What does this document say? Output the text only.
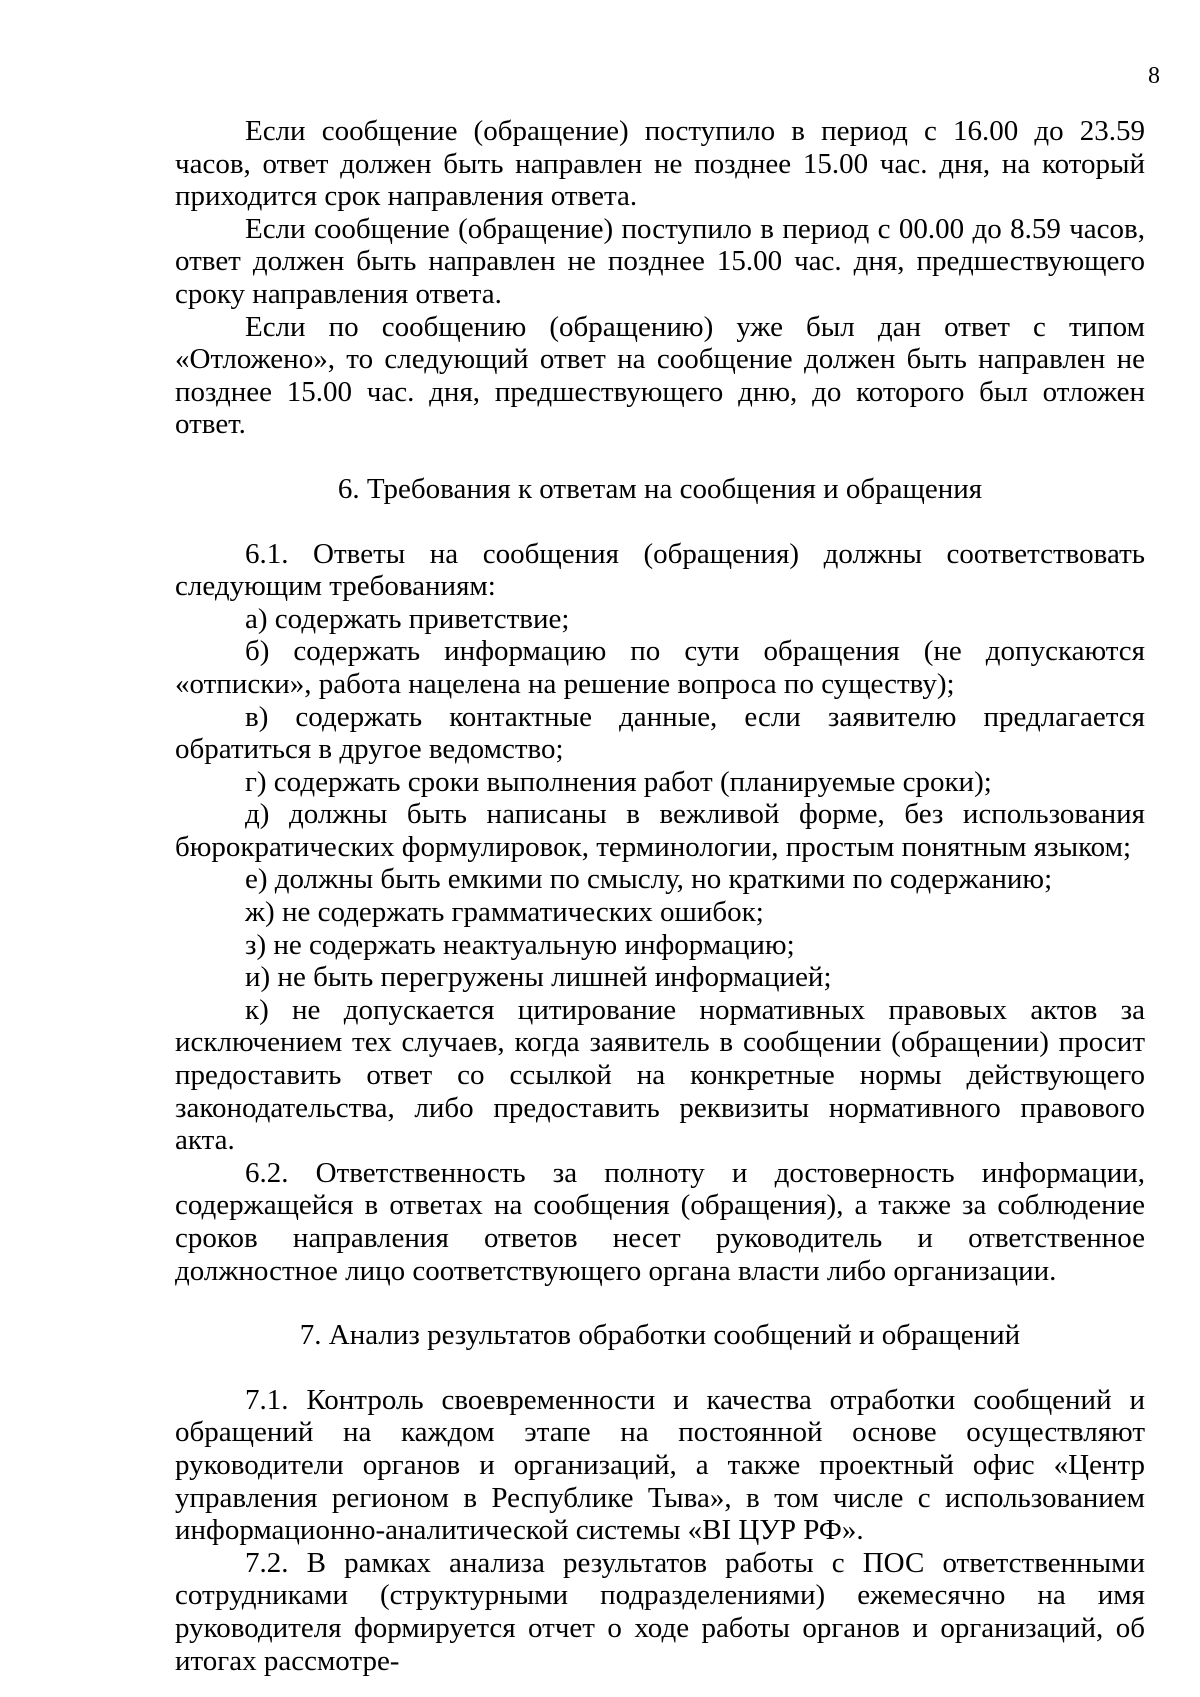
8

Если сообщение (обращение) поступило в период с 16.00 до 23.59 часов, ответ должен быть направлен не позднее 15.00 час. дня, на который приходится срок направления ответа.

Если сообщение (обращение) поступило в период с 00.00 до 8.59 часов, ответ должен быть направлен не позднее 15.00 час. дня, предшествующего сроку направления ответа.

Если по сообщению (обращению) уже был дан ответ с типом «Отложено», то следующий ответ на сообщение должен быть направлен не позднее 15.00 час. дня, предшествующего дню, до которого был отложен ответ.

6. Требования к ответам на сообщения и обращения

6.1. Ответы на сообщения (обращения) должны соответствовать следующим требованиям:

а) содержать приветствие;

б) содержать информацию по сути обращения (не допускаются «отписки», работа нацелена на решение вопроса по существу);

в) содержать контактные данные, если заявителю предлагается обратиться в другое ведомство;

г) содержать сроки выполнения работ (планируемые сроки);

д) должны быть написаны в вежливой форме, без использования бюрократических формулировок, терминологии, простым понятным языком;

е) должны быть емкими по смыслу, но краткими по содержанию;

ж) не содержать грамматических ошибок;

з) не содержать неактуальную информацию;

и) не быть перегружены лишней информацией;

к) не допускается цитирование нормативных правовых актов за исключением тех случаев, когда заявитель в сообщении (обращении) просит предоставить ответ со ссылкой на конкретные нормы действующего законодательства, либо предоставить реквизиты нормативного правового акта.

6.2. Ответственность за полноту и достоверность информации, содержащейся в ответах на сообщения (обращения), а также за соблюдение сроков направления ответов несет руководитель и ответственное должностное лицо соответствующего органа власти либо организации.

7. Анализ результатов обработки сообщений и обращений

7.1. Контроль своевременности и качества отработки сообщений и обращений на каждом этапе на постоянной основе осуществляют руководители органов и организаций, а также проектный офис «Центр управления регионом в Республике Тыва», в том числе с использованием информационно-аналитической системы «BI ЦУР РФ».

7.2. В рамках анализа результатов работы с ПОС ответственными сотрудниками (структурными подразделениями) ежемесячно на имя руководителя формируется отчет о ходе работы органов и организаций, об итогах рассмотре-
